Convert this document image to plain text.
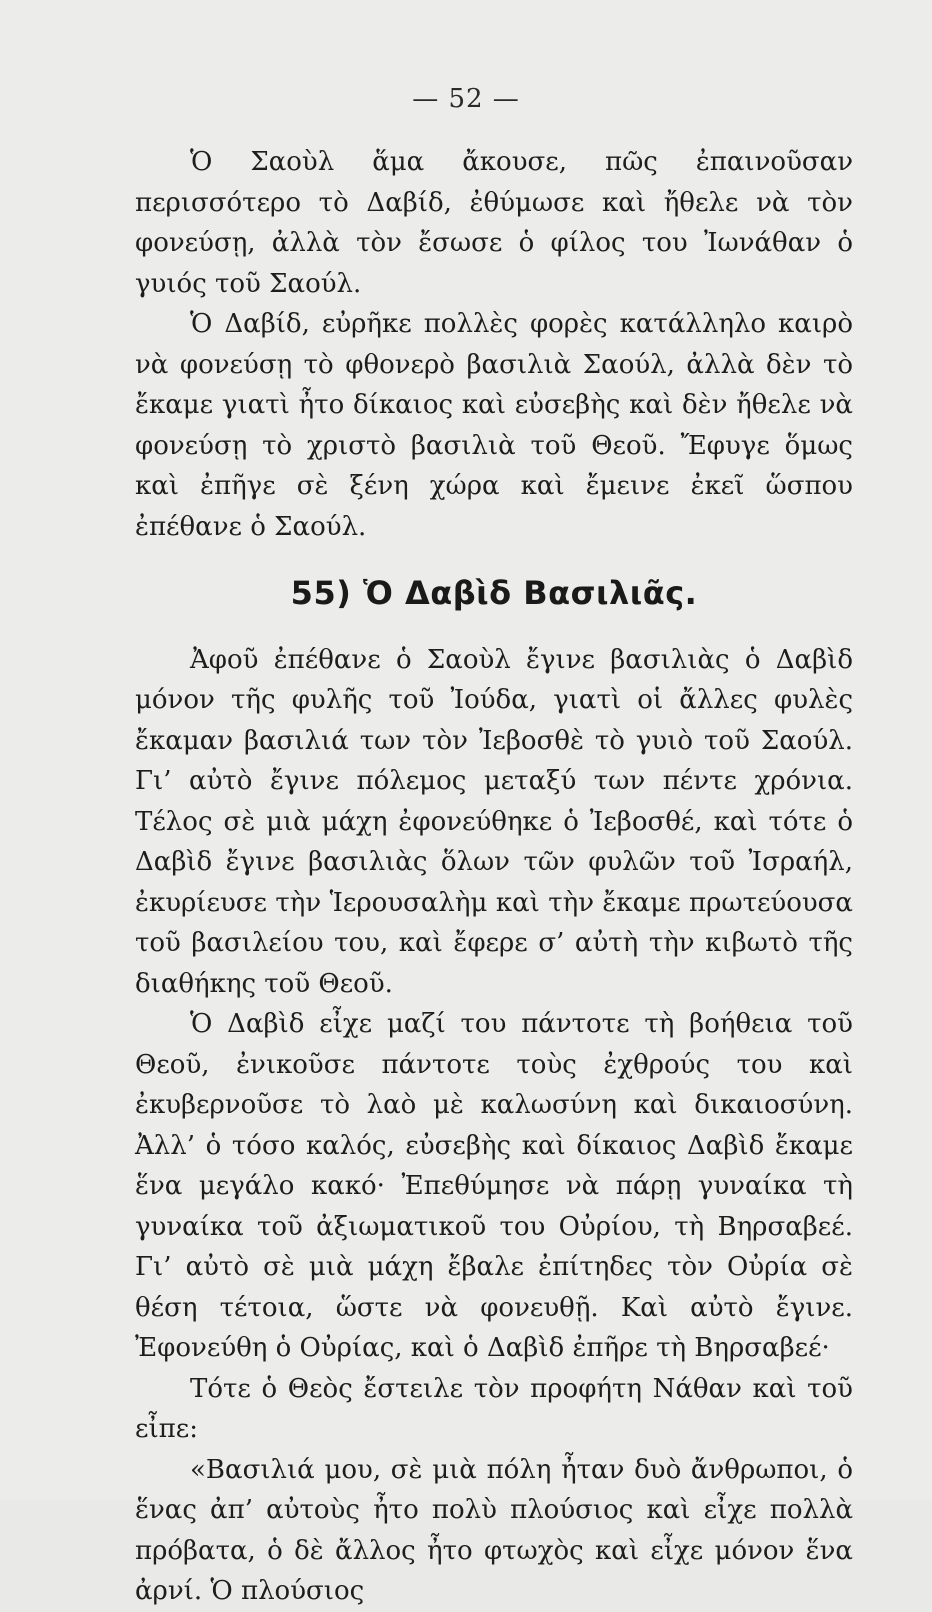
— 52 —

Ὁ Σαοὺλ ἅμα ἄκουσε, πῶς ἐπαινοῦσαν περισσότερο τὸ Δαβίδ, ἐθύμωσε καὶ ἤθελε νὰ τὸν φονεύσῃ, ἀλλὰ τὸν ἔσωσε ὁ φίλος του Ἰωνάθαν ὁ γυιός τοῦ Σαούλ.

Ὁ Δαβίδ, εὐρῆκε πολλὲς φορὲς κατάλληλο καιρὸ νὰ φονεύσῃ τὸ φθονερὸ βασιλιὰ Σαούλ, ἀλλὰ δὲν τὸ ἔκαμε γιατὶ ἦτο δίκαιος καὶ εὐσεβὴς καὶ δὲν ἤθελε νὰ φονεύσῃ τὸ χριστὸ βασιλιὰ τοῦ Θεοῦ. Ἔφυγε ὅμως καὶ ἐπῆγε σὲ ξένη χώρα καὶ ἔμεινε ἐκεῖ ὥσπου ἐπέθανε ὁ Σαούλ.

55) Ὁ Δαβὶδ Βασιλιᾶς.

Ἀφοῦ ἐπέθανε ὁ Σαοὺλ ἔγινε βασιλιὰς ὁ Δαβὶδ μόνον τῆς φυλῆς τοῦ Ἰούδα, γιατὶ οἱ ἄλλες φυλὲς ἔκαμαν βασιλιά των τὸν Ἰεβοσθὲ τὸ γυιὸ τοῦ Σαούλ. Γι’ αὐτὸ ἔγινε πόλεμος μεταξύ των πέντε χρόνια. Τέλος σὲ μιὰ μάχη ἐφονεύθηκε ὁ Ἰεβοσθέ, καὶ τότε ὁ Δαβὶδ ἔγινε βασιλιὰς ὅλων τῶν φυλῶν τοῦ Ἰσραήλ, ἐκυρίευσε τὴν Ἱερουσαλὴμ καὶ τὴν ἔκαμε πρωτεύουσα τοῦ βασιλείου του, καὶ ἔφερε σ’ αὐτὴ τὴν κιβωτὸ τῆς διαθήκης τοῦ Θεοῦ.

Ὁ Δαβὶδ εἶχε μαζί του πάντοτε τὴ βοήθεια τοῦ Θεοῦ, ἐνικοῦσε πάντοτε τοὺς ἐχθρούς του καὶ ἐκυβερνοῦσε τὸ λαὸ μὲ καλωσύνη καὶ δικαιοσύνη. Ἀλλ’ ὁ τόσο καλός, εὐσεβὴς καὶ δίκαιος Δαβὶδ ἔκαμε ἕνα μεγάλο κακό· Ἐπεθύμησε νὰ πάρῃ γυναίκα τὴ γυναίκα τοῦ ἀξιωματικοῦ του Οὐρίου, τὴ Βηρσαβεέ. Γι’ αὐτὸ σὲ μιὰ μάχη ἔβαλε ἐπίτηδες τὸν Οὐρία σὲ θέση τέτοια, ὥστε νὰ φονευθῇ. Καὶ αὐτὸ ἔγινε. Ἐφονεύθη ὁ Οὐρίας, καὶ ὁ Δαβὶδ ἐπῆρε τὴ Βηρσαβεέ·

Τότε ὁ Θεὸς ἔστειλε τὸν προφήτη Νάθαν καὶ τοῦ εἶπε:

«Βασιλιά μου, σὲ μιὰ πόλη ἦταν δυὸ ἄνθρωποι, ὁ ἕνας ἀπ’ αὐτοὺς ἦτο πολὺ πλούσιος καὶ εἶχε πολλὰ πρόβατα, ὁ δὲ ἄλλος ἦτο φτωχὸς καὶ εἶχε μόνον ἕνα ἀρνί. Ὁ πλούσιος
